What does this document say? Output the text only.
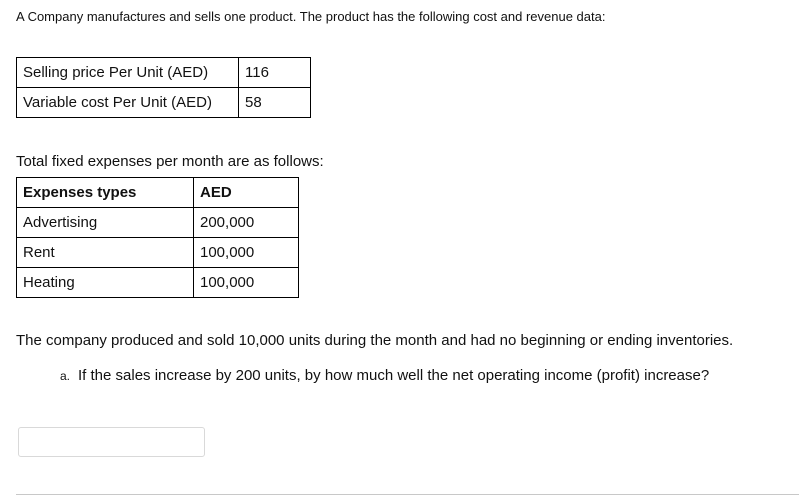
A Company manufactures and sells one product. The product has the following cost and revenue data:
Selling price Per Unit (AED)	116
Variable cost Per Unit (AED)	58
Total fixed expenses per month are as follows:
Expenses types	AED
Advertising	200,000
Rent	100,000
Heating	100,000
The company produced and sold 10,000 units during the month and had no beginning or ending inventories.
a. If the sales increase by 200 units, by how much well the net operating income (profit) increase?
